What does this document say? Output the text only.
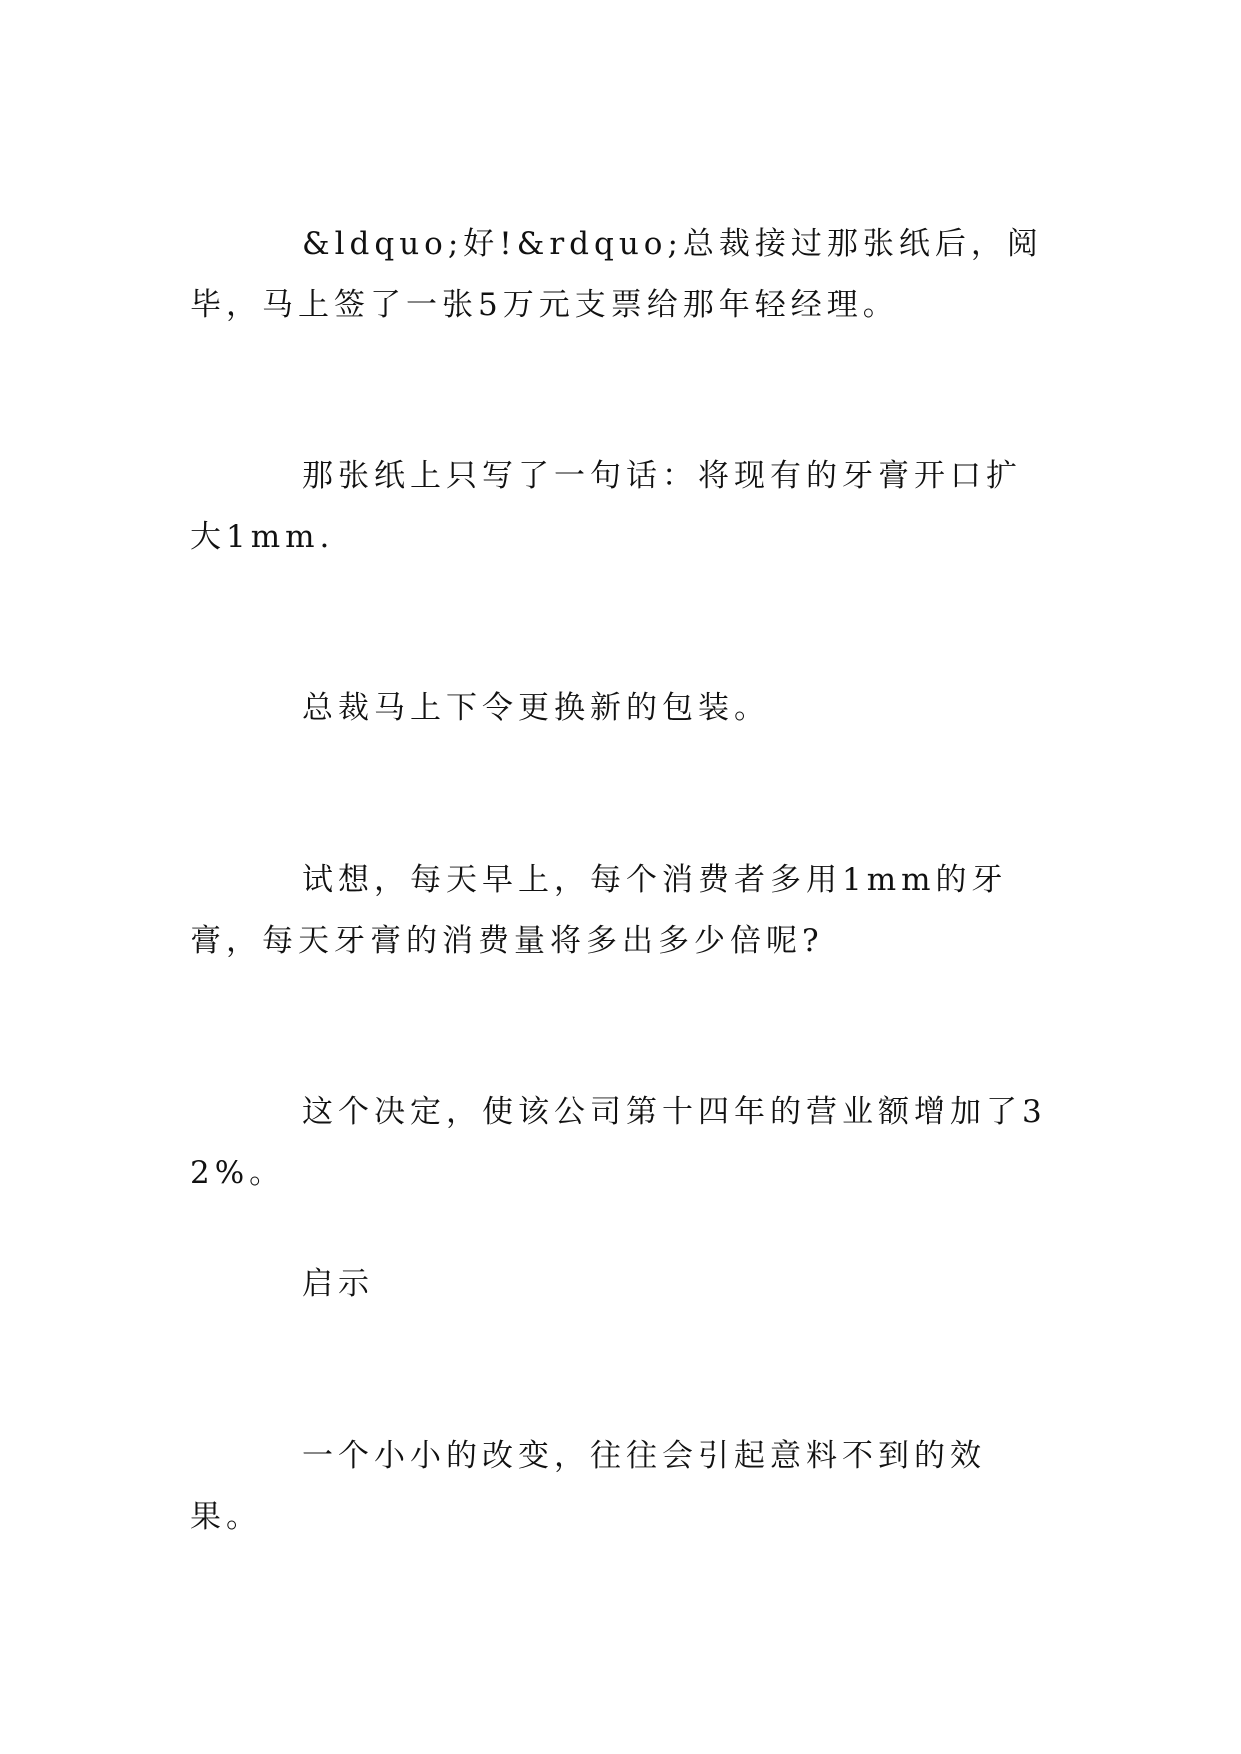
&ldquo;好!&rdquo;总裁接过那张纸后，阅毕，马上签了一张5万元支票给那年轻经理。

那张纸上只写了一句话：将现有的牙膏开口扩大1mm.

总裁马上下令更换新的包装。

试想，每天早上，每个消费者多用1mm的牙膏，每天牙膏的消费量将多出多少倍呢?

这个决定，使该公司第十四年的营业额增加了32%。

启示

一个小小的改变，往往会引起意料不到的效果。
